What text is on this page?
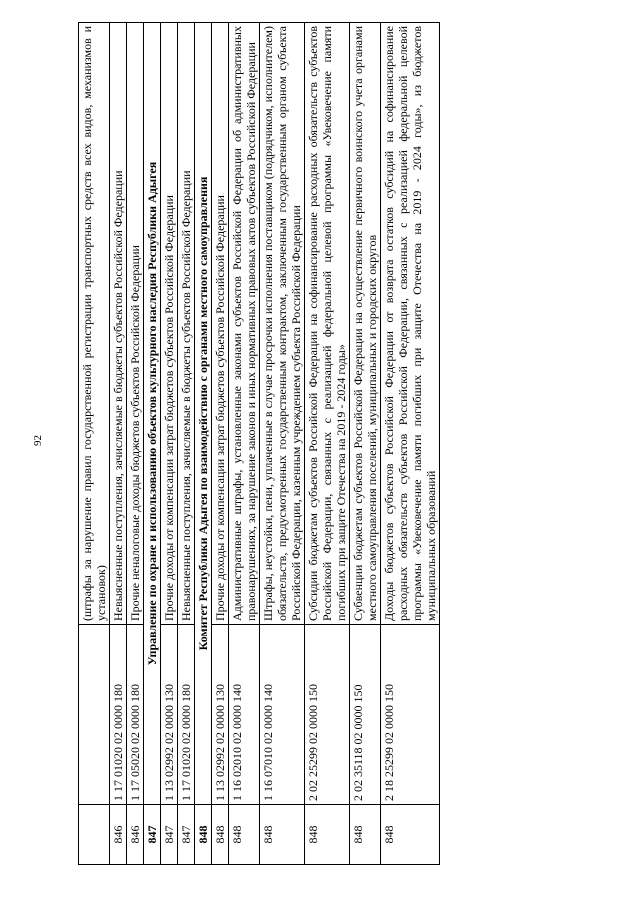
92
			(штрафы за нарушение правил государственной регистрации транспортных средств всех видов, механизмов и установок)
846	1 17 01020 02 0000 180	Невыясненные поступления, зачисляемые в бюджеты субъектов Российской Федерации
846	1 17 05020 02 0000 180	Прочие неналоговые доходы бюджетов субъектов Российской Федерации
847	Управление по охране и использованию объектов культурного наследия Республики Адыгея	
847	1 13 02992 02 0000 130	Прочие доходы от компенсации затрат бюджетов субъектов Российской Федерации
847	1 17 01020 02 0000 180	Невыясненные поступления, зачисляемые в бюджеты субъектов Российской Федерации
848	Комитет Республики Адыгея по взаимодействию с органами местного самоуправления	
848	1 13 02992 02 0000 130	Прочие доходы от компенсации затрат бюджетов субъектов Российской Федерации
848	1 16 02010 02 0000 140	Административные штрафы, установленные законами субъектов Российской Федерации об административных правонарушениях, за нарушение законов и иных нормативных правовых актов субъектов Российской Федерации
848	1 16 07010 02 0000 140	Штрафы, неустойки, пени, уплаченные в случае просрочки исполнения поставщиком (подрядчиком, исполнителем) обязательств, предусмотренных государственным контрактом, заключенным государственным органом субъекта Российской Федерации, казенным учреждением субъекта Российской Федерации
848	2 02 25299 02 0000 150	Субсидии бюджетам субъектов Российской Федерации на софинансирование расходных обязательств субъектов Российской Федерации, связанных с реализацией федеральной целевой программы «Увековечение памяти погибших при защите Отечества на 2019 - 2024 годы»
848	2 02 35118 02 0000 150	Субвенции бюджетам субъектов Российской Федерации на осуществление первичного воинского учета органами местного самоуправления поселений, муниципальных и городских округов
848	2 18 25299 02 0000 150	Доходы бюджетов субъектов Российской Федерации от возврата остатков субсидий на софинансирование расходных обязательств субъектов Российской Федерации, связанных с реализацией федеральной целевой программы «Увековечение памяти погибших при защите Отечества на 2019 - 2024 годы», из бюджетов муниципальных образований
